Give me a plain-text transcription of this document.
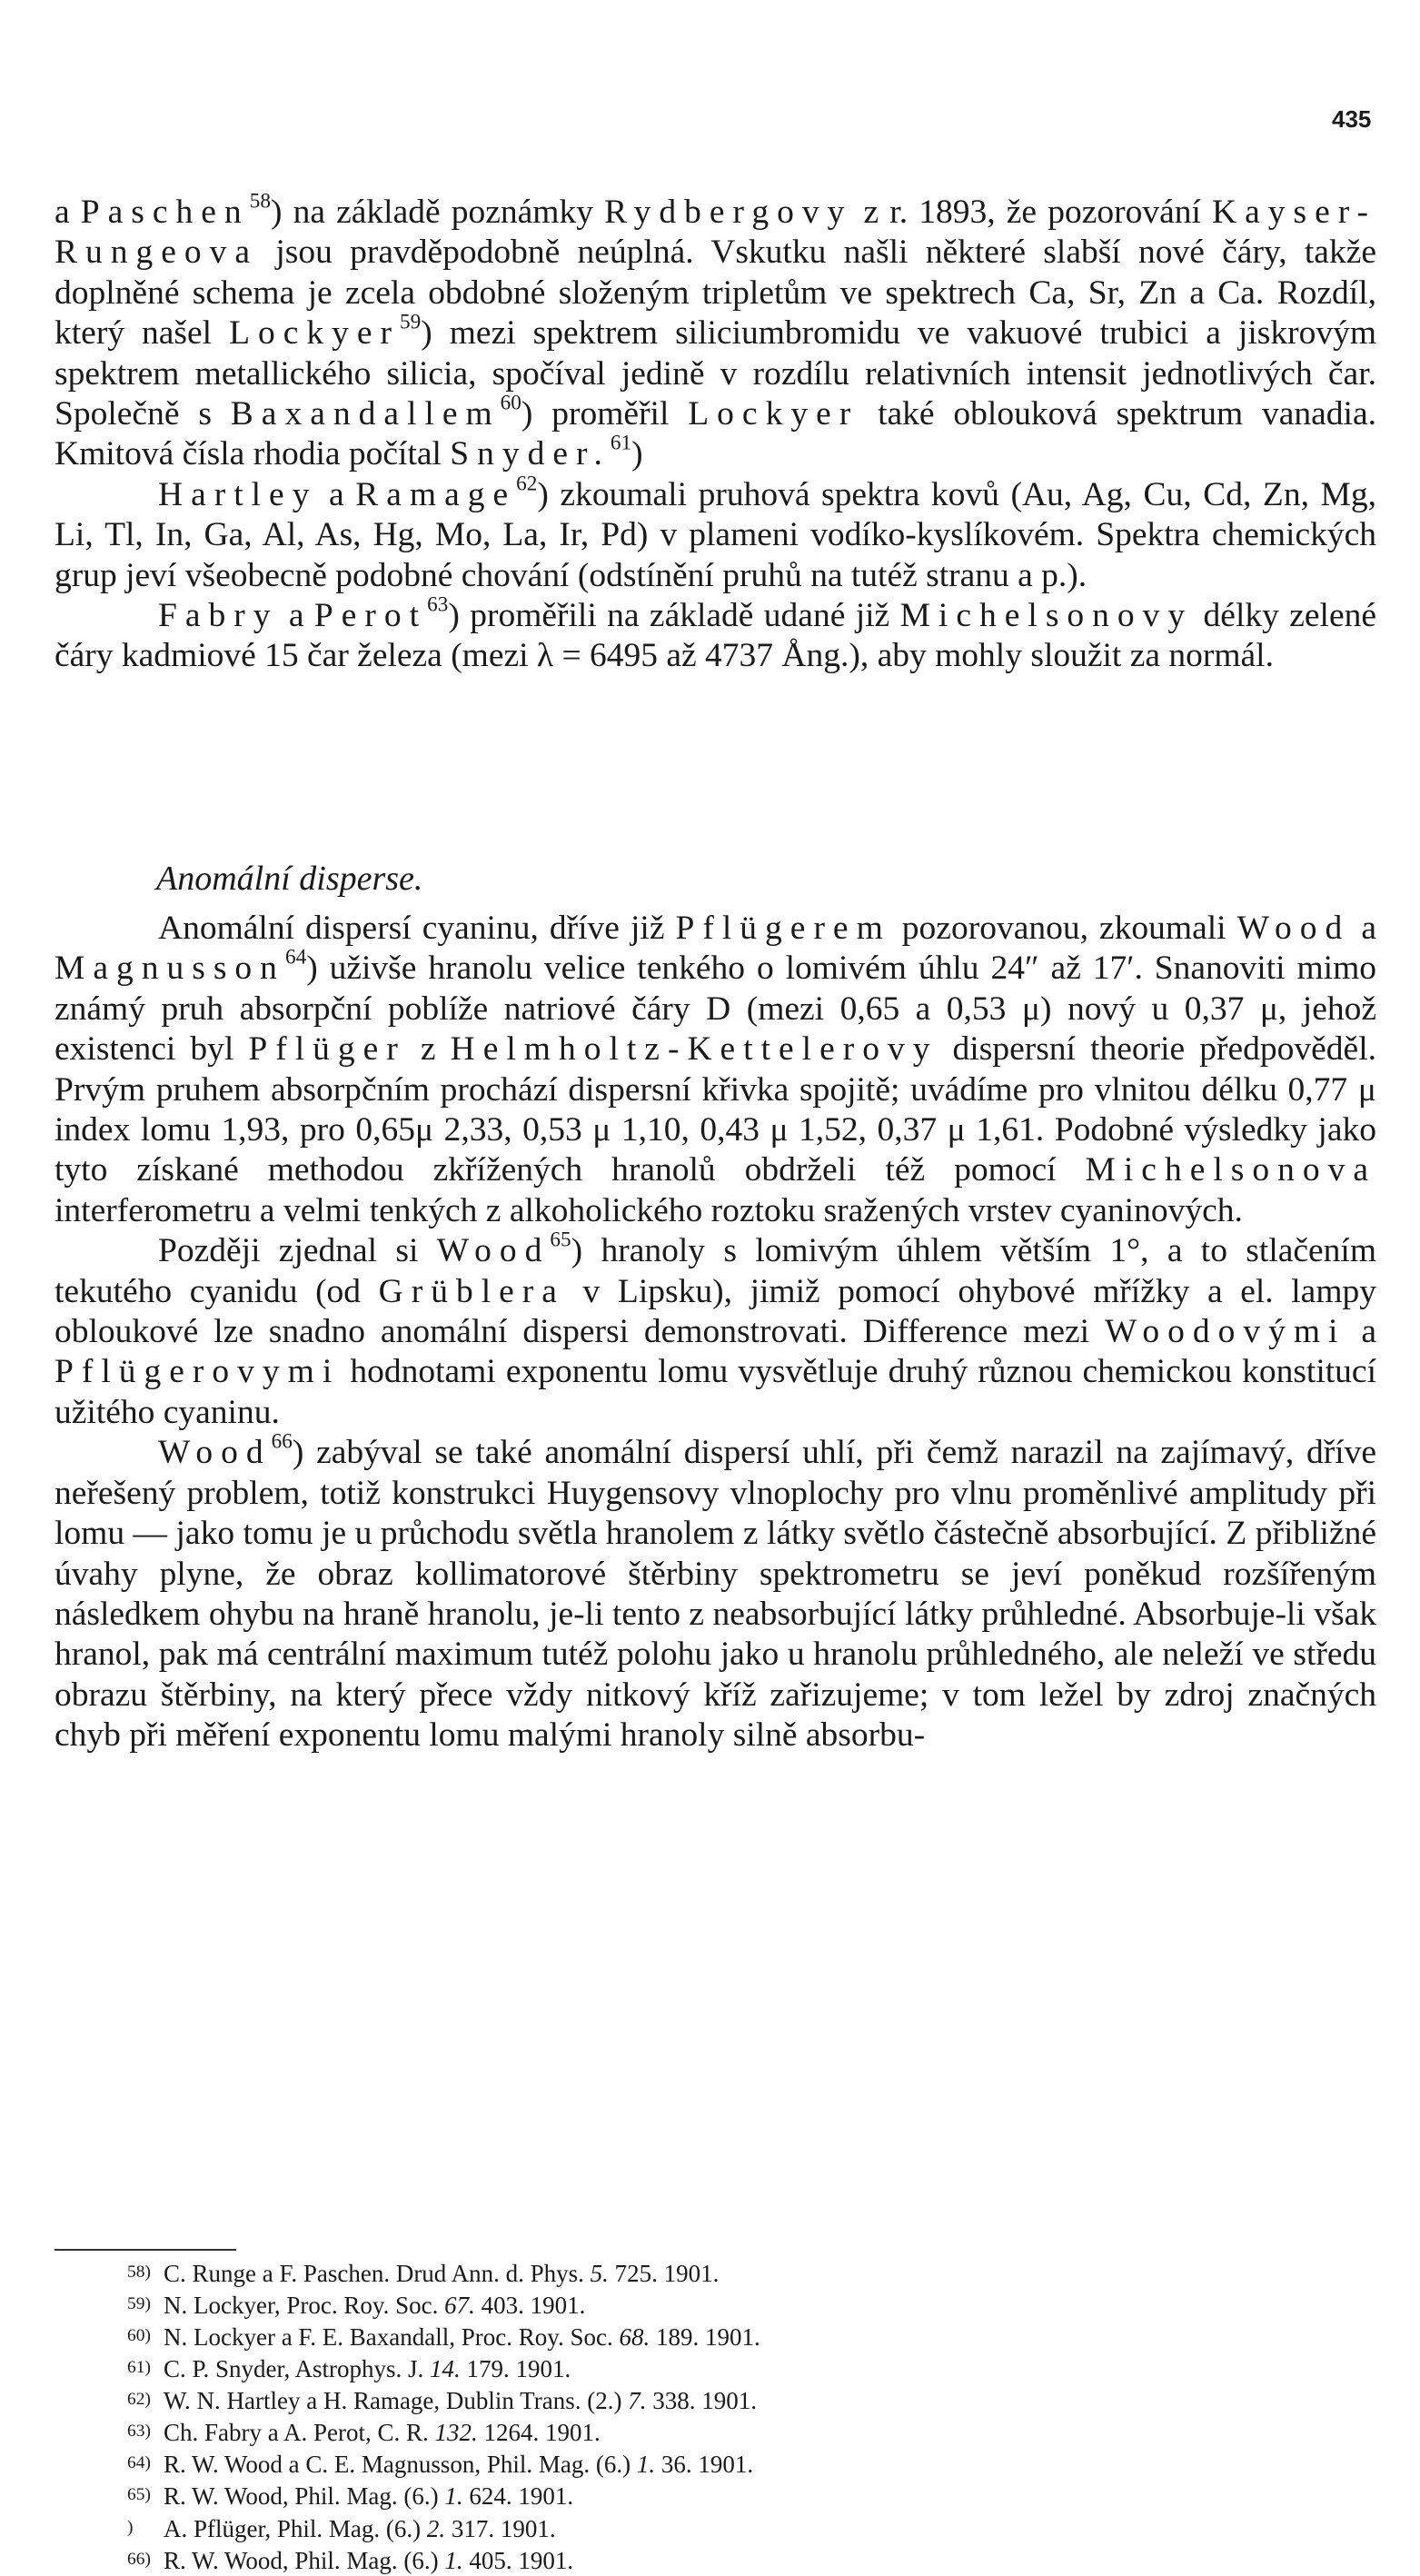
435

a Paschen$^{58}$) na základě poznámky Rydbergovy z r. 1893, že pozorování Kayser-Rungeova jsou pravděpodobně neúplná. Vskutku našli některé slabší nové čáry, takže doplněné schema je zcela obdobné složeným tripletům ve spektrech Ca, Sr, Zn a Ca. Rozdíl, který našel Lockyer$^{59}$) mezi spektrem siliciumbromidu ve vakuové trubici a jiskrovým spektrem metallického silicia, spočíval jedině v rozdílu relativních intensit jednotlivých čar. Společně s Baxandallem$^{60}$) proměřil Lockyer také oblouková spektrum vanadia. Kmitová čísla rhodia počítal Snyder.$^{61}$)

Hartley a Ramage$^{62}$) zkoumali pruhová spektra kovů (Au, Ag, Cu, Cd, Zn, Mg, Li, Tl, In, Ga, Al, As, Hg, Mo, La, Ir, Pd) v plameni vodíko-kyslíkovém. Spektra chemických grup jeví všeobecně podobné chování (odstínění pruhů na tutéž stranu a p.).

Fabry a Perot$^{63}$) proměřili na základě udané již Michelsonovy délky zelené čáry kadmiové 15 čar železa (mezi λ = 6495 až 4737 Ång.), aby mohly sloužit za normál.

Anomální disperse.

Anomální dispersí cyaninu, dříve již Pflügerem pozorovanou, zkoumali Wood a Magnusson$^{64}$) uživše hranolu velice tenkého o lomivém úhlu 24″ až 17′. Snanoviti mimo známý pruh absorpční poblíže natriové čáry D (mezi 0,65 a 0,53 μ) nový u 0,37 μ, jehož existenci byl Pflüger z Helmholtz-Kettelerovy dispersní theorie předpověděl. Prvým pruhem absorpčním prochází dispersní křivka spojitě; uvádíme pro vlnitou délku 0,77 μ index lomu 1,93, pro 0,65μ 2,33, 0,53 μ 1,10, 0,43 μ 1,52, 0,37 μ 1,61. Podobné výsledky jako tyto získané methodou zkřížených hranolů obdrželi též pomocí Michelsonova interferometru a velmi tenkých z alkoholického roztoku sražených vrstev cyaninových.

Později zjednal si Wood$^{65}$) hranoly s lomivým úhlem větším 1°, a to stlačením tekutého cyanidu (od Grüblera v Lipsku), jimiž pomocí ohybové mřížky a el. lampy obloukové lze snadno anomální dispersi demonstrovati. Difference mezi Woodovými a Pflügerovymi hodnotami exponentu lomu vysvětluje druhý různou chemickou konstitucí užitého cyaninu.

Wood$^{66}$) zabýval se také anomální dispersí uhlí, při čemž narazil na zajímavý, dříve neřešený problem, totiž konstrukci Huygensovy vlnoplochy pro vlnu proměnlivé amplitudy při lomu — jako tomu je u průchodu světla hranolem z látky světlo částečně absorbující. Z přibližné úvahy plyne, že obraz kollimatorové štěrbiny spektrometru se jeví poněkud rozšířeným následkem ohybu na hraně hranolu, je-li tento z neabsorbující látky průhledné. Absorbuje-li však hranol, pak má centrální maximum tutéž polohu jako u hranolu průhledného, ale neleží ve středu obrazu štěrbiny, na který přece vždy nitkový kříž zařizujeme; v tom ležel by zdroj značných chyb při měření exponentu lomu malými hranoly silně absorbu-

58) C. Runge a F. Paschen. Drud Ann. d. Phys. 5. 725. 1901.
59) N. Lockyer, Proc. Roy. Soc. 67. 403. 1901.
60) N. Lockyer a F. E. Baxandall, Proc. Roy. Soc. 68. 189. 1901.
61) C. P. Snyder, Astrophys. J. 14. 179. 1901.
62) W. N. Hartley a H. Ramage, Dublin Trans. (2.) 7. 338. 1901.
63) Ch. Fabry a A. Perot, C. R. 132. 1264. 1901.
64) R. W. Wood a C. E. Magnusson, Phil. Mag. (6.) 1. 36. 1901.
65) R. W. Wood, Phil. Mag. (6.) 1. 624. 1901.
) A. Pflüger, Phil. Mag. (6.) 2. 317. 1901.
66) R. W. Wood, Phil. Mag. (6.) 1. 405. 1901.
